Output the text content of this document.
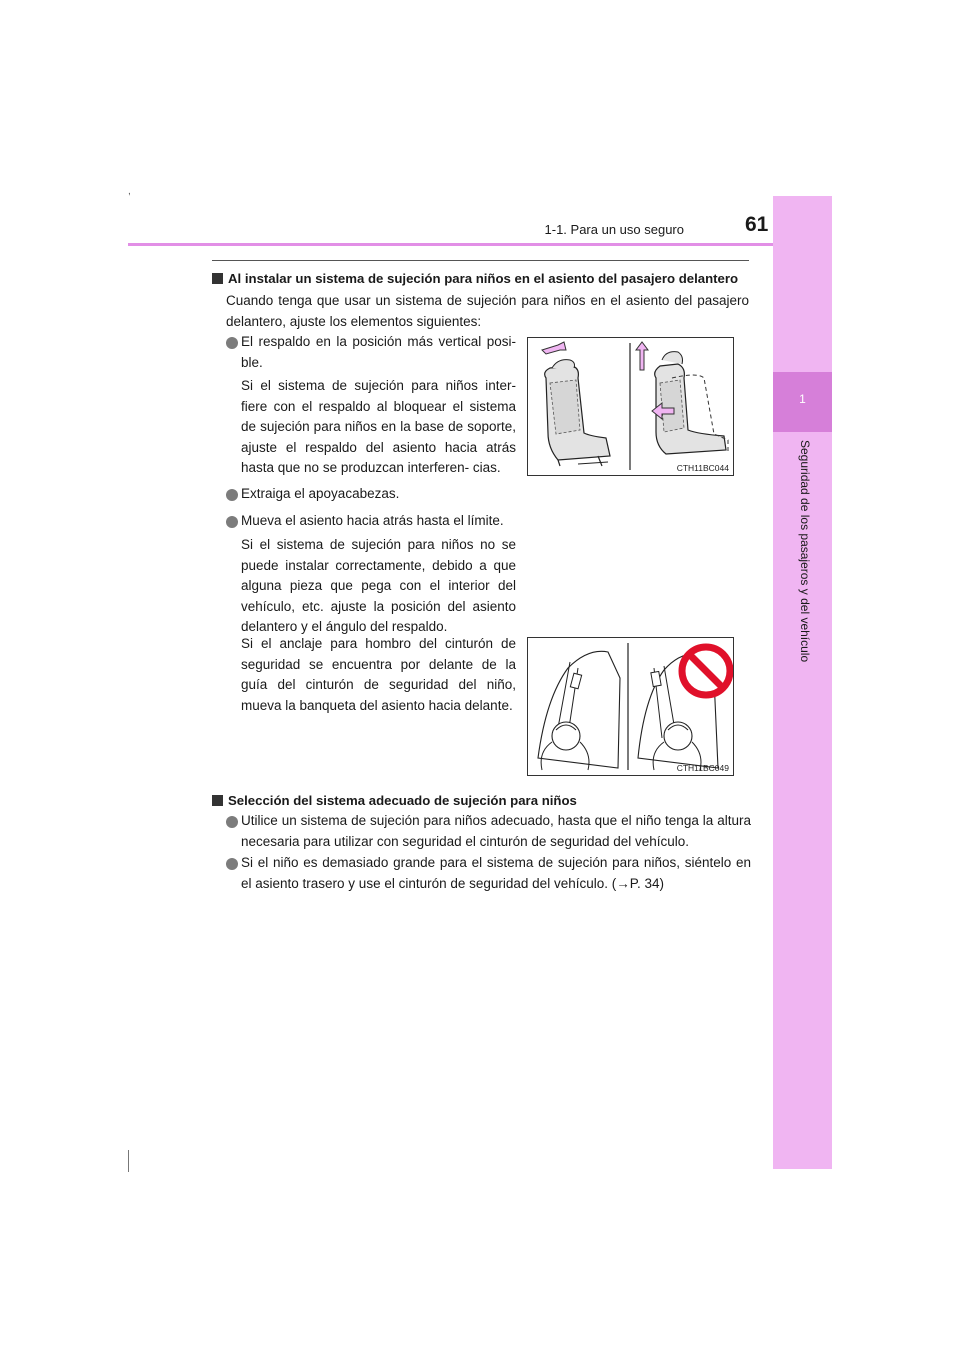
,
1-1. Para un uso seguro	61
1
Seguridad de los pasajeros y del vehículo
Al instalar un sistema de sujeción para niños en el asiento del pasajero delantero
Cuando tenga que usar un sistema de sujeción para niños en el asiento del pasajero delantero, ajuste los elementos siguientes:
El respaldo en la posición más vertical posi- ble.
Si el sistema de sujeción para niños inter- fiere con el respaldo al bloquear el sistema de sujeción para niños en la base de soporte, ajuste el respaldo del asiento hacia atrás hasta que no se produzcan interferen- cias.
Extraiga el apoyacabezas.
Mueva el asiento hacia atrás hasta el límite.
Si el sistema de sujeción para niños no se puede instalar correctamente, debido a que alguna pieza que pega con el interior del vehículo, etc. ajuste la posición del asiento delantero y el ángulo del respaldo.
Si el anclaje para hombro del cinturón de seguridad se encuentra por delante de la guía del cinturón de seguridad del niño, mueva la banqueta del asiento hacia delante.
CTH11BC044
CTH11BC049
Selección del sistema adecuado de sujeción para niños
Utilice un sistema de sujeción para niños adecuado, hasta que el niño tenga la altura necesaria para utilizar con seguridad el cinturón de seguridad del vehículo.
Si el niño es demasiado grande para el sistema de sujeción para niños, siéntelo en el asiento trasero y use el cinturón de seguridad del vehículo. (→P. 34)
